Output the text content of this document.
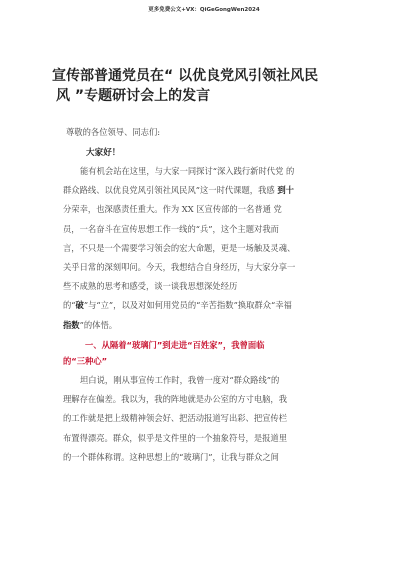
更多免费公文+VX：QiGeGongWen2024
宣传部普通党员在“ 以优良党风引领社风民
风 ”专题研讨会上的发言
尊敬的各位领导、同志们:
大家好！
能有机会站在这里，与大家一同探讨“深入践行新时代党 的
群众路线、以优良党风引领社风民风”这一时代课题，我感 到十
分荣幸，也深感责任重大。作为 XX 区宣传部的一名普通 党
员，一名奋斗在宣传思想工作一线的“兵”，这个主题对我而
言，不只是一个需要学习领会的宏大命题，更是一场触及灵魂、
关乎日常的深刻叩问。今天，我想结合自身经历，与大家分享一
些不成熟的思考和感受，谈一谈我思想深处经历
的“破”与“立”，以及对如何用党员的“辛苦指数”换取群众“幸福
指数”的体悟。
一、从隔着“玻璃门”到走进“百姓家”，我曾面临
的“三种心”
坦白说，刚从事宣传工作时，我曾一度对“群众路线”的
理解存在偏差。我以为，我的阵地就是办公室的方寸电脑，我
的工作就是把上级精神领会好、把活动报道写出彩、把宣传栏
布置得漂亮。群众，似乎是文件里的一个抽象符号，是报道里
的一个群体称谓。这种思想上的“玻璃门”，让我与群众之间
